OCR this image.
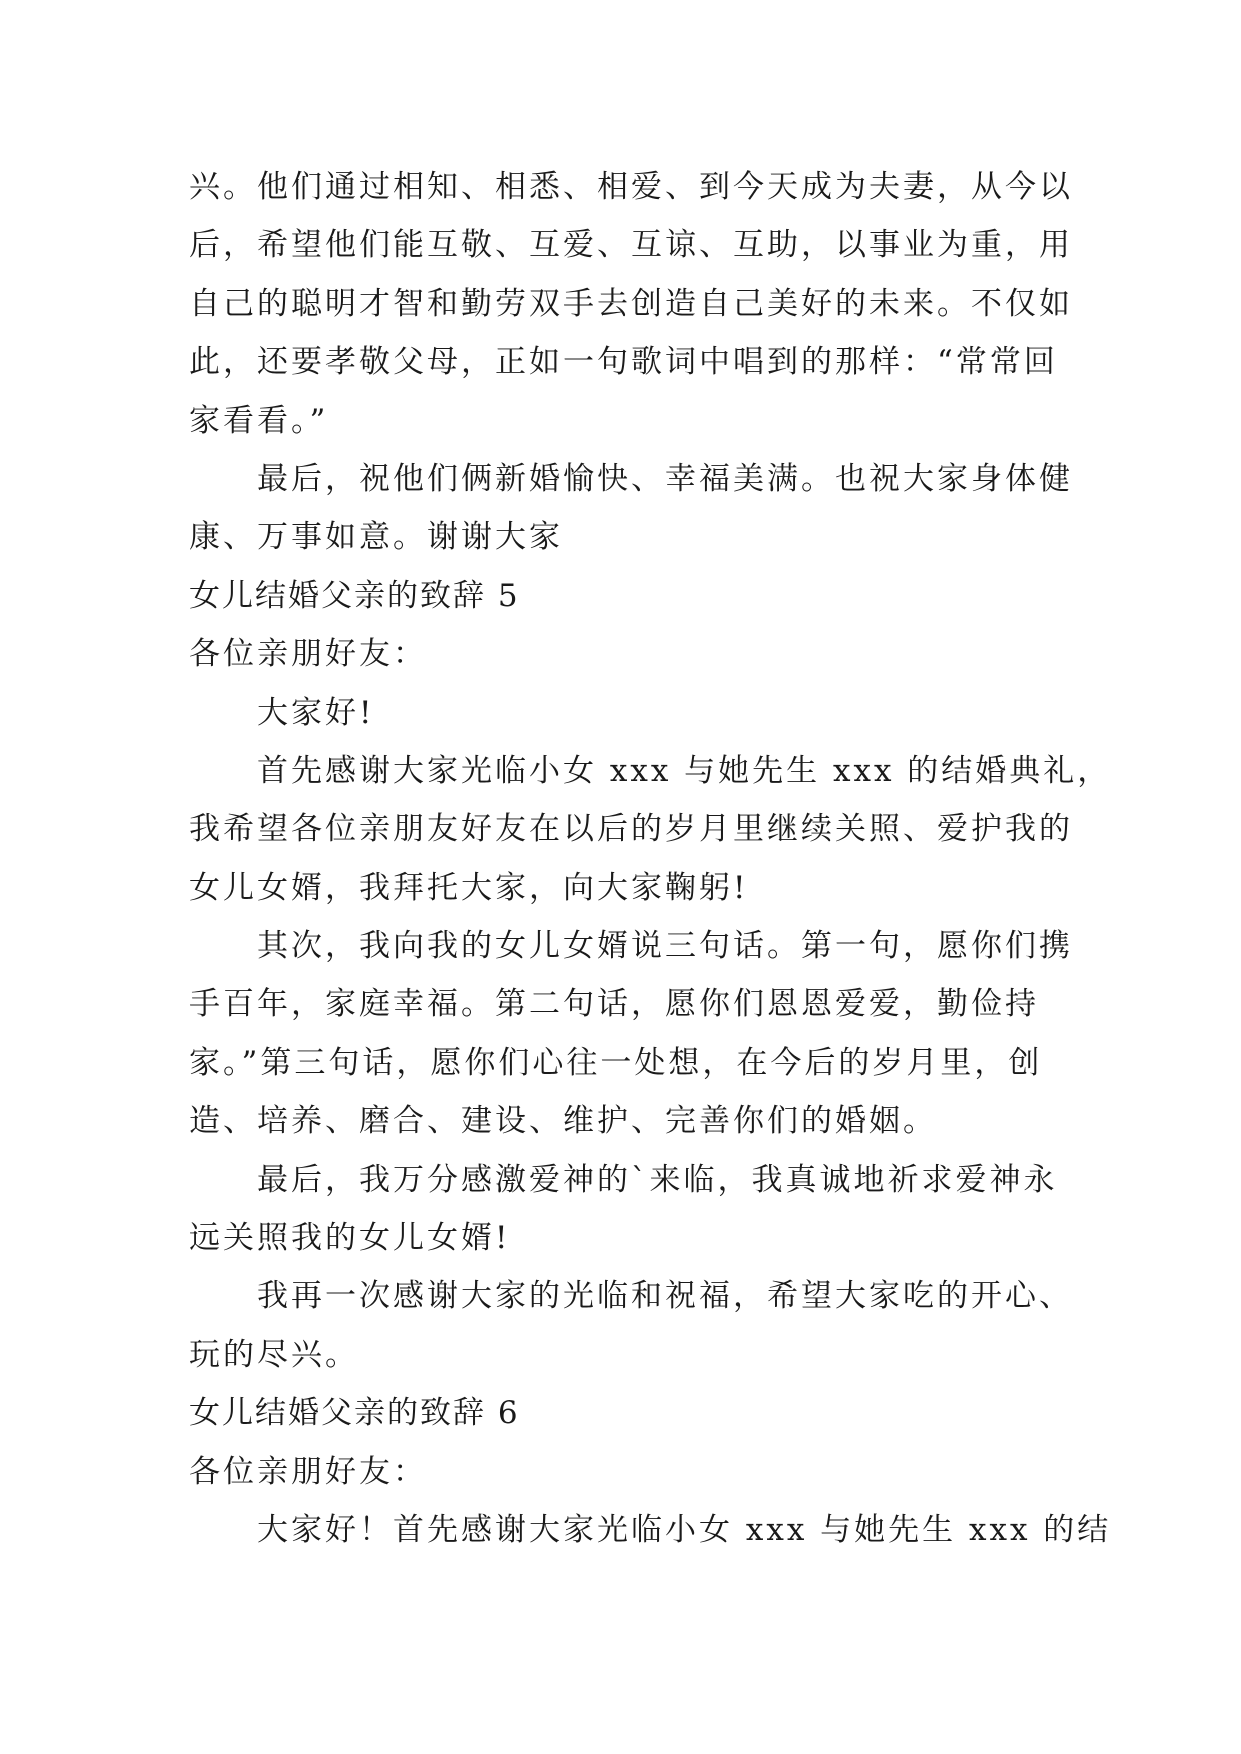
兴。他们通过相知、相悉、相爱、到今天成为夫妻，从今以
后，希望他们能互敬、互爱、互谅、互助，以事业为重，用
自己的聪明才智和勤劳双手去创造自己美好的未来。不仅如
此，还要孝敬父母，正如一句歌词中唱到的那样：“常常回
家看看。”
最后，祝他们俩新婚愉快、幸福美满。也祝大家身体健
康、万事如意。谢谢大家
女儿结婚父亲的致辞 5
各位亲朋好友：
大家好!
首先感谢大家光临小女 xxx 与她先生 xxx 的结婚典礼，
我希望各位亲朋友好友在以后的岁月里继续关照、爱护我的
女儿女婿，我拜托大家，向大家鞠躬!
其次，我向我的女儿女婿说三句话。第一句，愿你们携
手百年，家庭幸福。第二句话，愿你们恩恩爱爱，勤俭持
家。”第三句话，愿你们心往一处想，在今后的岁月里，创
造、培养、磨合、建设、维护、完善你们的婚姻。
最后，我万分感激爱神的`来临，我真诚地祈求爱神永
远关照我的女儿女婿!
我再一次感谢大家的光临和祝福，希望大家吃的开心、
玩的尽兴。
女儿结婚父亲的致辞 6
各位亲朋好友：
大家好！首先感谢大家光临小女 xxx 与她先生 xxx 的结
